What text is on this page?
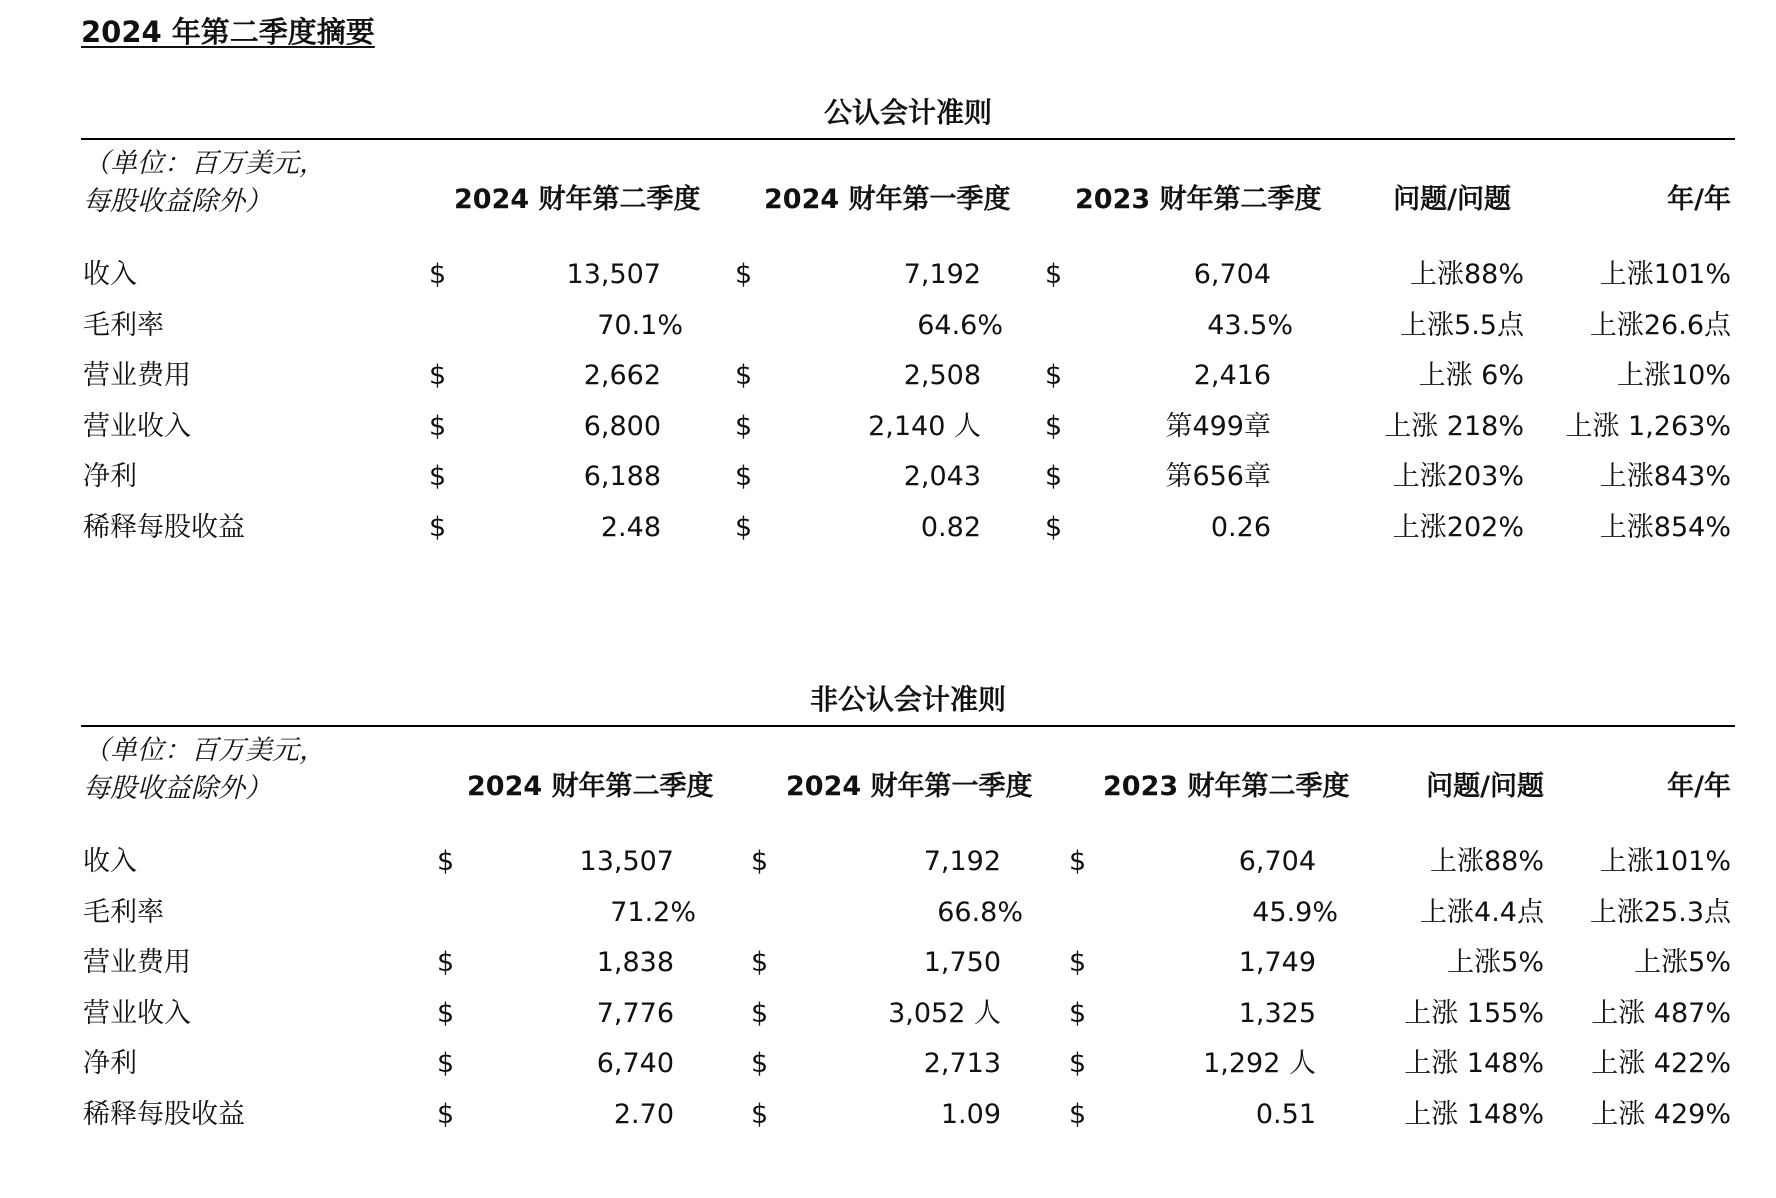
2024 年第二季度摘要
公认会计准则
（单位：百万美元，
每股收益除外）	2024 财年第二季度 2024 财年第一季度 2023 财年第二季度	问题/问题	年/年
收入	$	13,507	$	7,192 $	6,704	上涨88%	上涨101%
毛利率	70.1%	64.6%	43.5%	上涨5.5点	上涨26.6点
营业费用	$	2,662	$	2,508 $	2,416	上涨 6%	上涨10%
营业收入	$	6,800	$	2,140 人 $	第499章	上涨 218%	上涨 1,263%
净利	$	6,188	$	2,043 $	第656章	上涨203%	上涨843%
稀释每股收益	$	2.48	$	0.82 $	0.26	上涨202%	上涨854%
非公认会计准则
（单位：百万美元，
每股收益除外）	2024 财年第二季度	2024 财年第一季度	2023 财年第二季度	问题/问题	年/年
收入	$	13,507	$	7,192	$	6,704	上涨88%	上涨101%
毛利率	71.2%	66.8%	45.9%	上涨4.4点	上涨25.3点
营业费用	$	1,838	$	1,750	$	1,749	上涨5%	上涨5%
营业收入	$	7,776	$	3,052 人	$	1,325	上涨 155%	上涨 487%
净利	$	6,740	$	2,713	$	1,292 人	上涨 148%	上涨 422%
稀释每股收益	$	2.70	$	1.09	$	0.51	上涨 148%	上涨 429%
